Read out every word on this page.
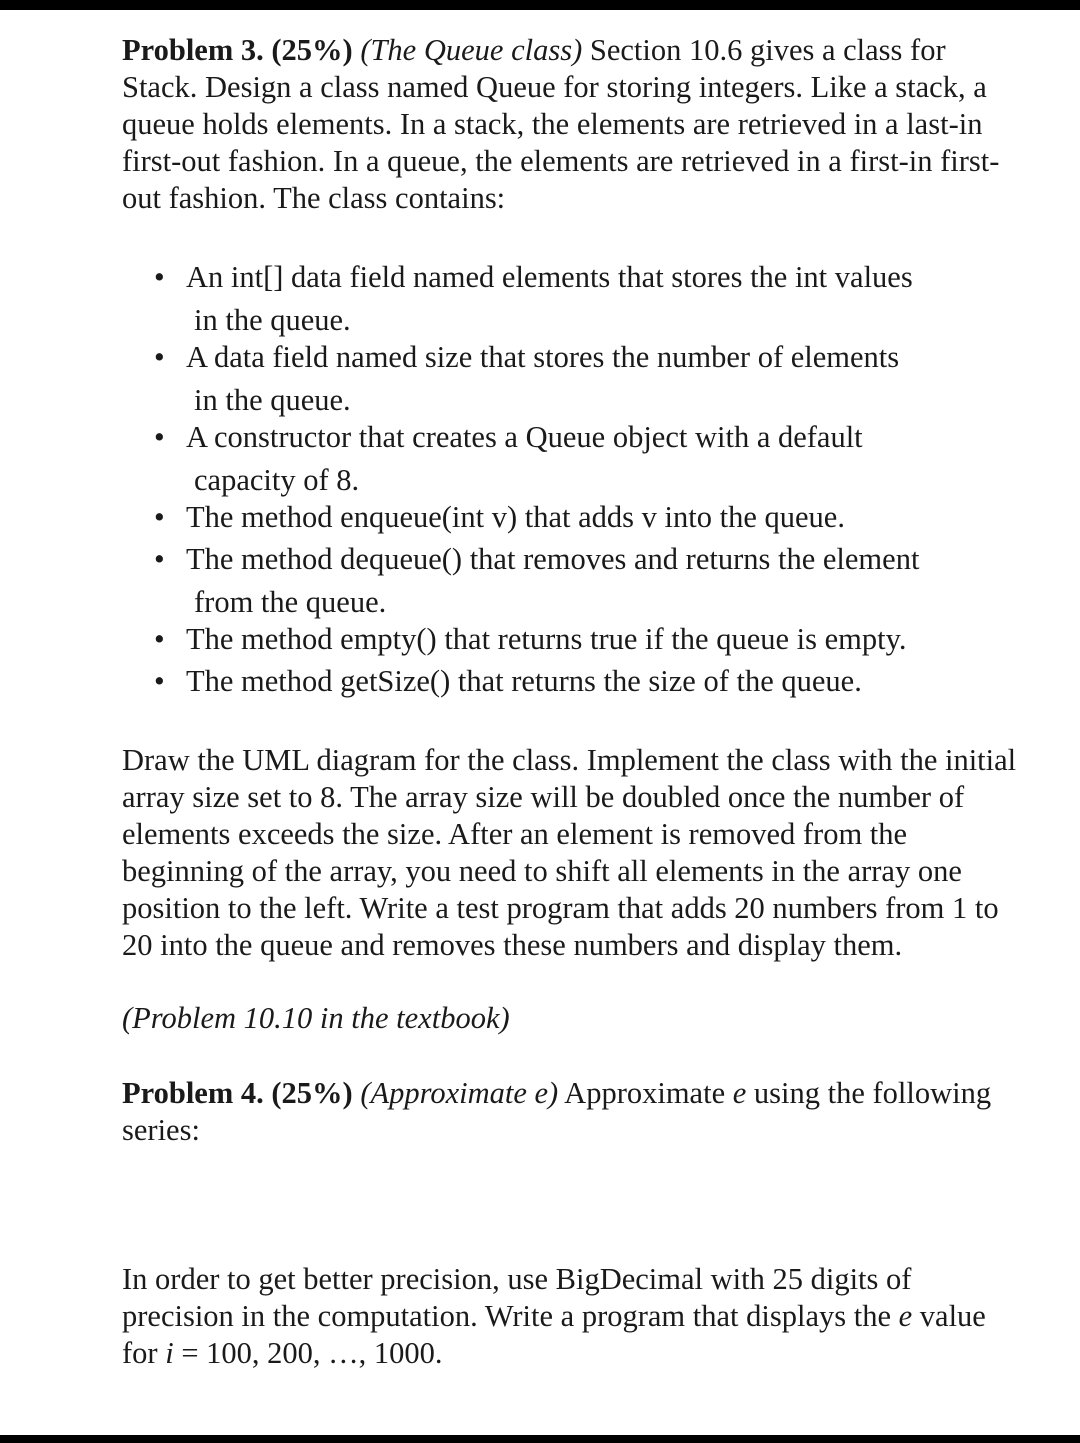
Problem 3. (25%) (The Queue class) Section 10.6 gives a class for Stack. Design a class named Queue for storing integers. Like a stack, a queue holds elements. In a stack, the elements are retrieved in a last-in first-out fashion. In a queue, the elements are retrieved in a first-in first-out fashion. The class contains:

• An int[] data field named elements that stores the int values
in the queue.
• A data field named size that stores the number of elements
in the queue.
• A constructor that creates a Queue object with a default
capacity of 8.
• The method enqueue(int v) that adds v into the queue.
• The method dequeue() that removes and returns the element
from the queue.
• The method empty() that returns true if the queue is empty.
• The method getSize() that returns the size of the queue.

Draw the UML diagram for the class. Implement the class with the initial array size set to 8. The array size will be doubled once the number of elements exceeds the size. After an element is removed from the beginning of the array, you need to shift all elements in the array one position to the left. Write a test program that adds 20 numbers from 1 to 20 into the queue and removes these numbers and display them.

(Problem 10.10 in the textbook)

Problem 4. (25%) (Approximate e) Approximate e using the following series:

In order to get better precision, use BigDecimal with 25 digits of precision in the computation. Write a program that displays the e value for i = 100, 200, …, 1000.
